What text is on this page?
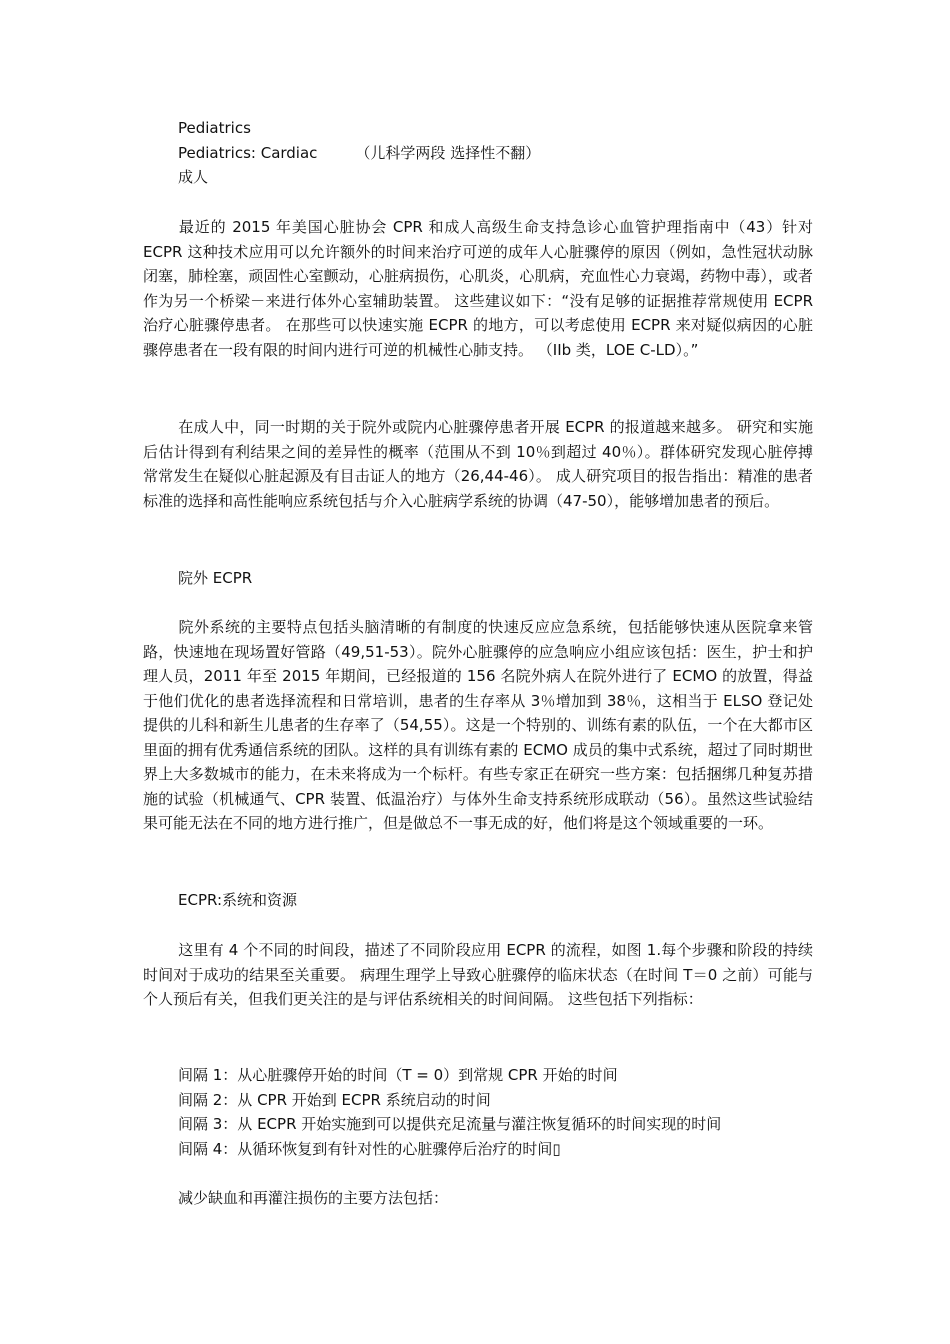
Pediatrics
Pediatrics: Cardiac	（儿科学两段 选择性不翻）
成人
最近的 2015 年美国心脏协会 CPR 和成人高级生命支持急诊心血管护理指南中（43）针对 ECPR 这种技术应用可以允许额外的时间来治疗可逆的成年人心脏骤停的原因（例如，急性冠状动脉闭塞，肺栓塞，顽固性心室颤动，心脏病损伤，心肌炎，心肌病，充血性心力衰竭，药物中毒），或者作为另一个桥梁－来进行体外心室辅助装置。 这些建议如下：“没有足够的证据推荐常规使用 ECPR 治疗心脏骤停患者。 在那些可以快速实施 ECPR 的地方，可以考虑使用 ECPR 来对疑似病因的心脏骤停患者在一段有限的时间内进行可逆的机械性心肺支持。 （IIb 类，LOE C-LD）。”
在成人中，同一时期的关于院外或院内心脏骤停患者开展 ECPR 的报道越来越多。 研究和实施后估计得到有利结果之间的差异性的概率（范围从不到 10％到超过 40％）。群体研究发现心脏停搏常常发生在疑似心脏起源及有目击证人的地方（26,44-46）。 成人研究项目的报告指出：精准的患者标准的选择和高性能响应系统包括与介入心脏病学系统的协调（47-50），能够增加患者的预后。
院外 ECPR
院外系统的主要特点包括头脑清晰的有制度的快速反应应急系统，包括能够快速从医院拿来管路，快速地在现场置好管路（49,51-53）。院外心脏骤停的应急响应小组应该包括：医生，护士和护理人员，2011 年至 2015 年期间，已经报道的 156 名院外病人在院外进行了 ECMO 的放置，得益于他们优化的患者选择流程和日常培训，患者的生存率从 3％增加到 38％，这相当于 ELSO 登记处提供的儿科和新生儿患者的生存率了（54,55）。这是一个特别的、训练有素的队伍，一个在大都市区里面的拥有优秀通信系统的团队。这样的具有训练有素的 ECMO 成员的集中式系统，超过了同时期世界上大多数城市的能力，在未来将成为一个标杆。有些专家正在研究一些方案：包括捆绑几种复苏措施的试验（机械通气、CPR 装置、低温治疗）与体外生命支持系统形成联动（56）。虽然这些试验结果可能无法在不同的地方进行推广，但是做总不一事无成的好，他们将是这个领域重要的一环。
ECPR:系统和资源
这里有 4 个不同的时间段，描述了不同阶段应用 ECPR 的流程，如图 1.每个步骤和阶段的持续时间对于成功的结果至关重要。 病理生理学上导致心脏骤停的临床状态（在时间 T＝0 之前）可能与个人预后有关，但我们更关注的是与评估系统相关的时间间隔。 这些包括下列指标：
间隔 1：从心脏骤停开始的时间（T = 0）到常规 CPR 开始的时间
间隔 2：从 CPR 开始到 ECPR 系统启动的时间
间隔 3：从 ECPR 开始实施到可以提供充足流量与灌注恢复循环的时间实现的时间
间隔 4：从循环恢复到有针对性的心脏骤停后治疗的时间▯
减少缺血和再灌注损伤的主要方法包括：
